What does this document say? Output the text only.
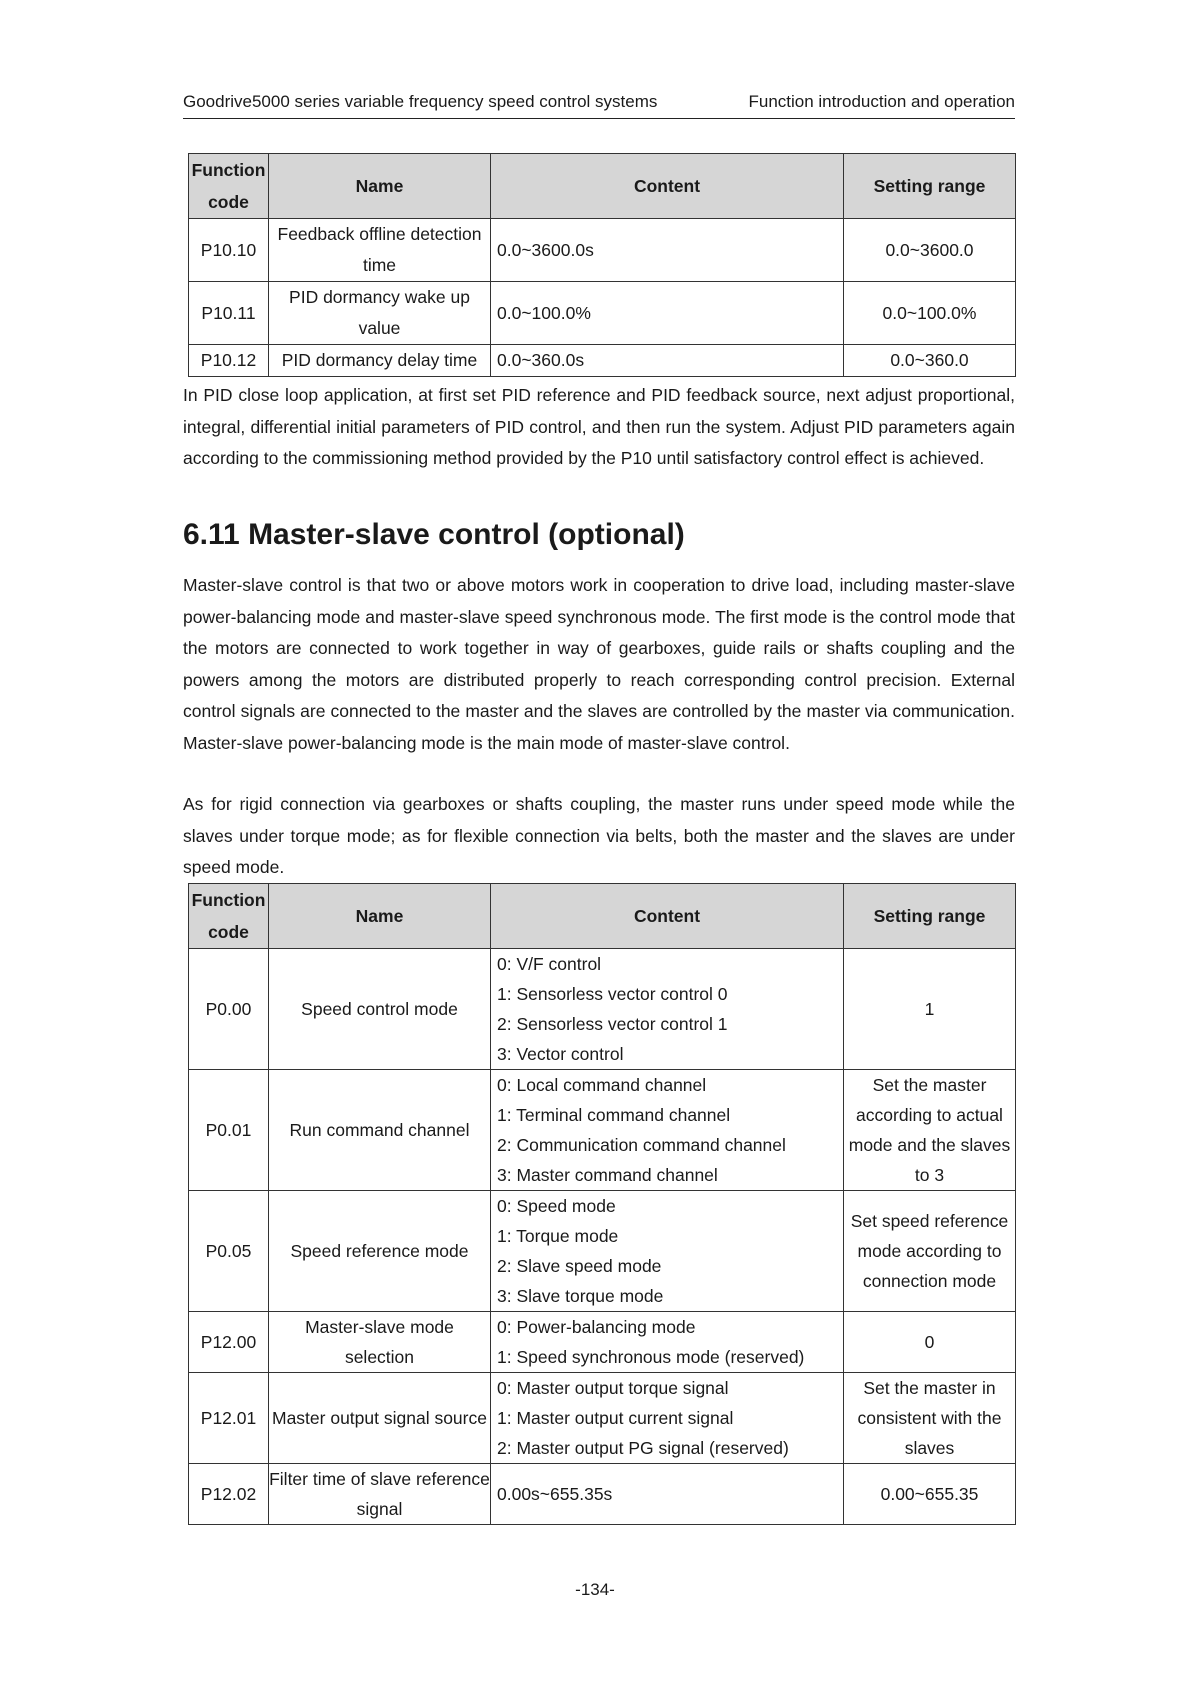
Goodrive5000 series variable frequency speed control systems	Function introduction and operation
Function code	Name	Content	Setting range
P10.10	Feedback offline detection time	0.0~3600.0s	0.0~3600.0
P10.11	PID dormancy wake up value	0.0~100.0%	0.0~100.0%
P10.12	PID dormancy delay time	0.0~360.0s	0.0~360.0

In PID close loop application, at first set PID reference and PID feedback source, next adjust proportional, integral, differential initial parameters of PID control, and then run the system. Adjust PID parameters again according to the commissioning method provided by the P10 until satisfactory control effect is achieved.

6.11 Master-slave control (optional)

Master-slave control is that two or above motors work in cooperation to drive load, including master-slave power-balancing mode and master-slave speed synchronous mode. The first mode is the control mode that the motors are connected to work together in way of gearboxes, guide rails or shafts coupling and the powers among the motors are distributed properly to reach corresponding control precision. External control signals are connected to the master and the slaves are controlled by the master via communication. Master-slave power-balancing mode is the main mode of master-slave control.

As for rigid connection via gearboxes or shafts coupling, the master runs under speed mode while the slaves under torque mode; as for flexible connection via belts, both the master and the slaves are under speed mode.

Function code	Name	Content	Setting range
P0.00	Speed control mode	0: V/F control
1: Sensorless vector control 0
2: Sensorless vector control 1
3: Vector control	1
P0.01	Run command channel	0: Local command channel
1: Terminal command channel
2: Communication command channel
3: Master command channel	Set the master according to actual mode and the slaves to 3
P0.05	Speed reference mode	0: Speed mode
1: Torque mode
2: Slave speed mode
3: Slave torque mode	Set speed reference mode according to connection mode
P12.00	Master-slave mode selection	0: Power-balancing mode
1: Speed synchronous mode (reserved)	0
P12.01	Master output signal source	0: Master output torque signal
1: Master output current signal
2: Master output PG signal (reserved)	Set the master in consistent with the slaves
P12.02	Filter time of slave reference signal	0.00s~655.35s	0.00~655.35
-134-
